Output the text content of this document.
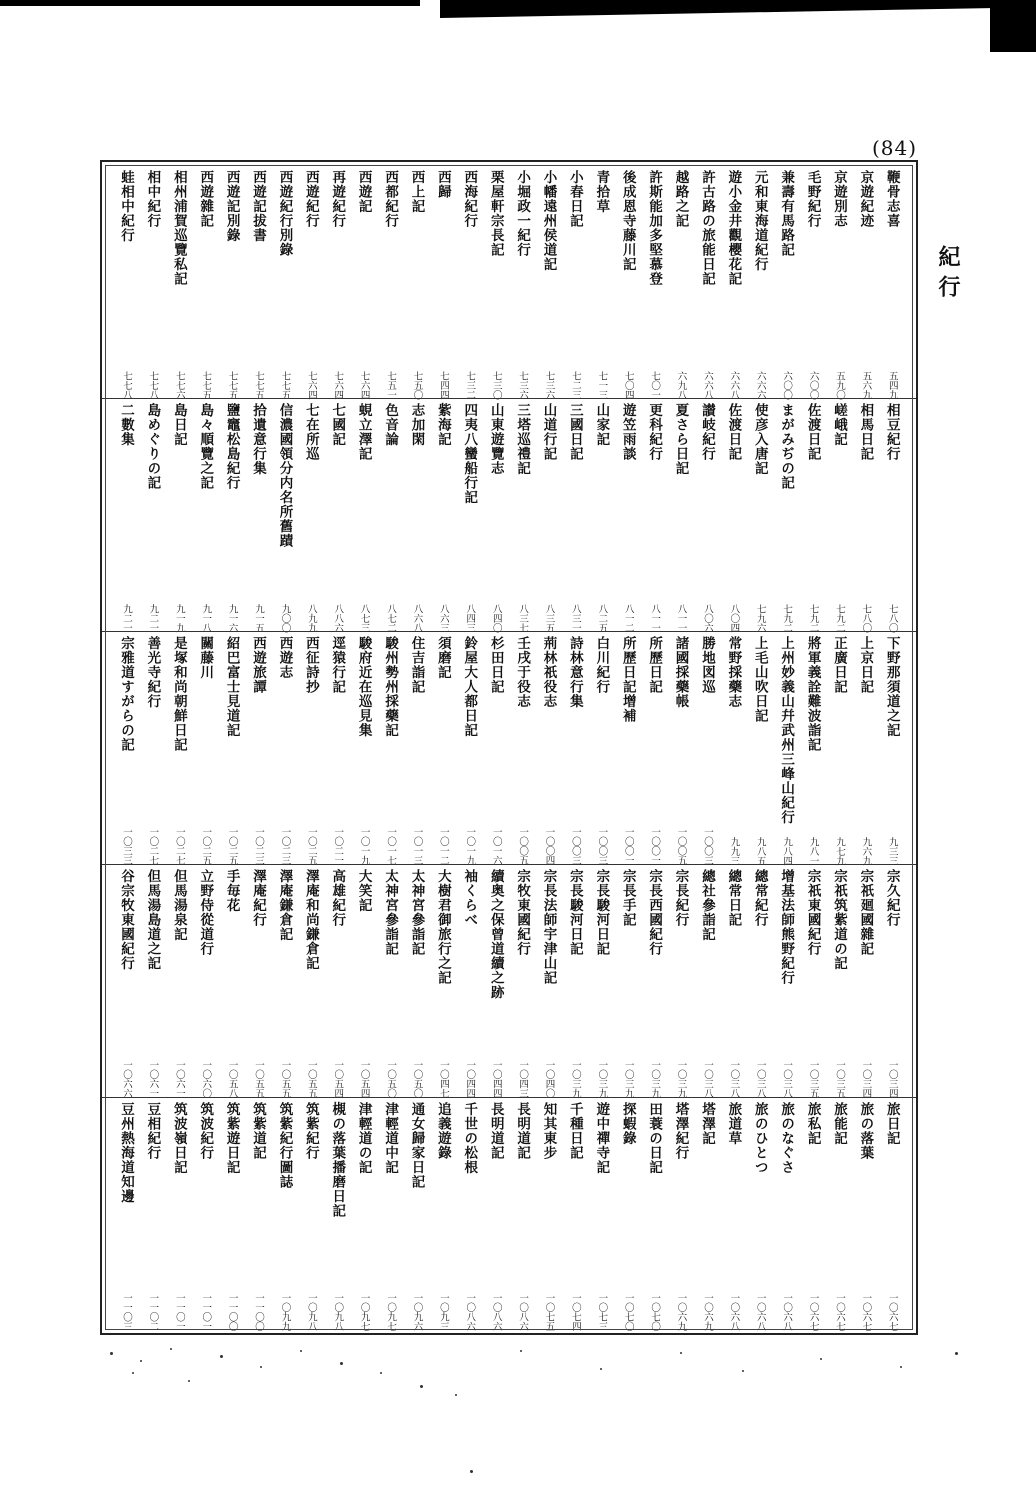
(84)
紀行
鞭骨志喜
五四九
京遊紀迹
五六九
京遊別志
五九〇
毛野紀行
六〇〇
兼壽有馬路記
六〇〇
元和東海道紀行
六六六
遊小金井觀櫻花記
六六八
許古路の旅能日記
六六八
越路之記
六九八
許斯能加多堅慕登
七〇一
後成恩寺藤川記
七〇四
青拾草
七一三
小春日記
七二三
小幡遠州侯道記
七三六
小堀政一紀行
七三六
栗屋軒宗長記
七三〇
西海紀行
七三二
西歸
七四四
西上記
七五〇
西都紀行
七五一
西遊記
七六四
再遊紀行
七六四
西遊紀行
七六四
西遊紀行別錄
七七五
西遊記拔書
七七五
西遊記別錄
七七五
西遊雜記
七七五
相州浦賀巡覽私記
七七六
相中紀行
七七八
蛙相中紀行
七七八
相豆紀行
七八〇
相馬日記
七八〇
嵯峨記
七九二
佐渡日記
七九二
まがみぢの記
七九二
使彦入唐記
七九六
佐渡日記
八〇四
讃岐紀行
八〇六
夏さら日記
八一一
更科紀行
八一一
遊笠雨談
八一二
山家記
八二五
三國日記
八三一
山道行記
八三五
三塔巡禮記
八三七
山東遊覽志
八四〇
四夷八蠻船行記
八四三
紫海記
八六三
志加閑
八六八
色音論
八七二
蜆立澤記
八七三
七國記
八八六
七在所巡
八九九
信濃國領分内名所舊蹟
九〇〇
拾遺意行集
九一五
鹽竈松島紀行
九一六
島々順覽之記
九一八
島日記
九一九
島めぐりの記
九二一
二數集
九二一
下野那須道之記
九三三
上京日記
九六九
正廣日記
九七九
將軍義詮難波詣記
九八一
上州妙義山幷武州三峰山紀行
九八四
上毛山吹日記
九八五
常野採藥志
九九三
勝地図巡
一〇〇三
諸國採藥帳
一〇〇五
所歷日記
一〇〇一
所歷日記增補
一〇〇一
白川紀行
一〇〇三
詩林意行集
一〇〇三
荊林祇役志
一〇〇四
壬戌于役志
一〇〇五
杉田日記
一〇一六
鈴屋大人都日記
一〇一九
須磨記
一〇一二
住吉詣記
一〇一三
駿州勢州採藥記
一〇一七
駿府近在巡見集
一〇一九
逕猿行記
一〇二一
西征詩抄
一〇二五
西遊志
一〇二三
西遊旅譚
一〇二三
紹巴富士見道記
一〇二五
關藤川
一〇二五
是塚和尚朝鮮日記
一〇二七
善光寺紀行
一〇二七
宗雅道すがらの記
一〇三三
宗久紀行
一〇三四
宗祇廻國雜記
一〇三四
宗祇筑紫道の記
一〇三五
宗祇東國紀行
一〇三五
增基法師熊野紀行
一〇三八
總常紀行
一〇三八
總常日記
一〇三八
總社參詣記
一〇三八
宗長紀行
一〇三九
宗長西國紀行
一〇三九
宗長手記
一〇三九
宗長駿河日記
一〇三九
宗長駿河日記
一〇三九
宗長法師宇津山記
一〇四〇
宗牧東國紀行
一〇四三
續奥之保曾道續之跡
一〇四四
袖くらべ
一〇四四
大樹君御旅行之記
一〇四七
太神宮參詣記
一〇五〇
太神宮參詣記
一〇五〇
大笑記
一〇五四
高雄紀行
一〇五四
澤庵和尚鎌倉記
一〇五五
澤庵鎌倉記
一〇五五
澤庵紀行
一〇五五
手毎花
一〇五八
立野侍從道行
一〇六〇
但馬湯泉記
一〇六一
但馬湯島道之記
一〇六一
谷宗牧東國紀行
一〇六六
旅日記
一〇六七
旅の落葉
一〇六七
旅能記
一〇六七
旅私記
一〇六七
旅のなぐさ
一〇六八
旅のひとつ
一〇六八
旅道草
一〇六八
塔澤記
一〇六九
塔澤紀行
一〇六九
田蓑の日記
一〇七〇
探蝦錄
一〇七〇
遊中禪寺記
一〇七三
千種日記
一〇七四
知其東步
一〇七五
長明道記
一〇八六
長明道記
一〇八六
千世の松根
一〇八六
追義遊錄
一〇九三
通女歸家日記
一〇九六
津輕道中記
一〇九七
津輕道の記
一〇九七
槻の落葉播磨日記
一〇九八
筑紫紀行
一〇九八
筑紫紀行圖誌
一〇九九
筑紫道記
一一〇〇
筑紫遊日記
一一〇〇
筑波紀行
一一〇一
筑波嶺日記
一一〇一
豆相紀行
一一〇二
豆州熱海道知邊
一一〇三
